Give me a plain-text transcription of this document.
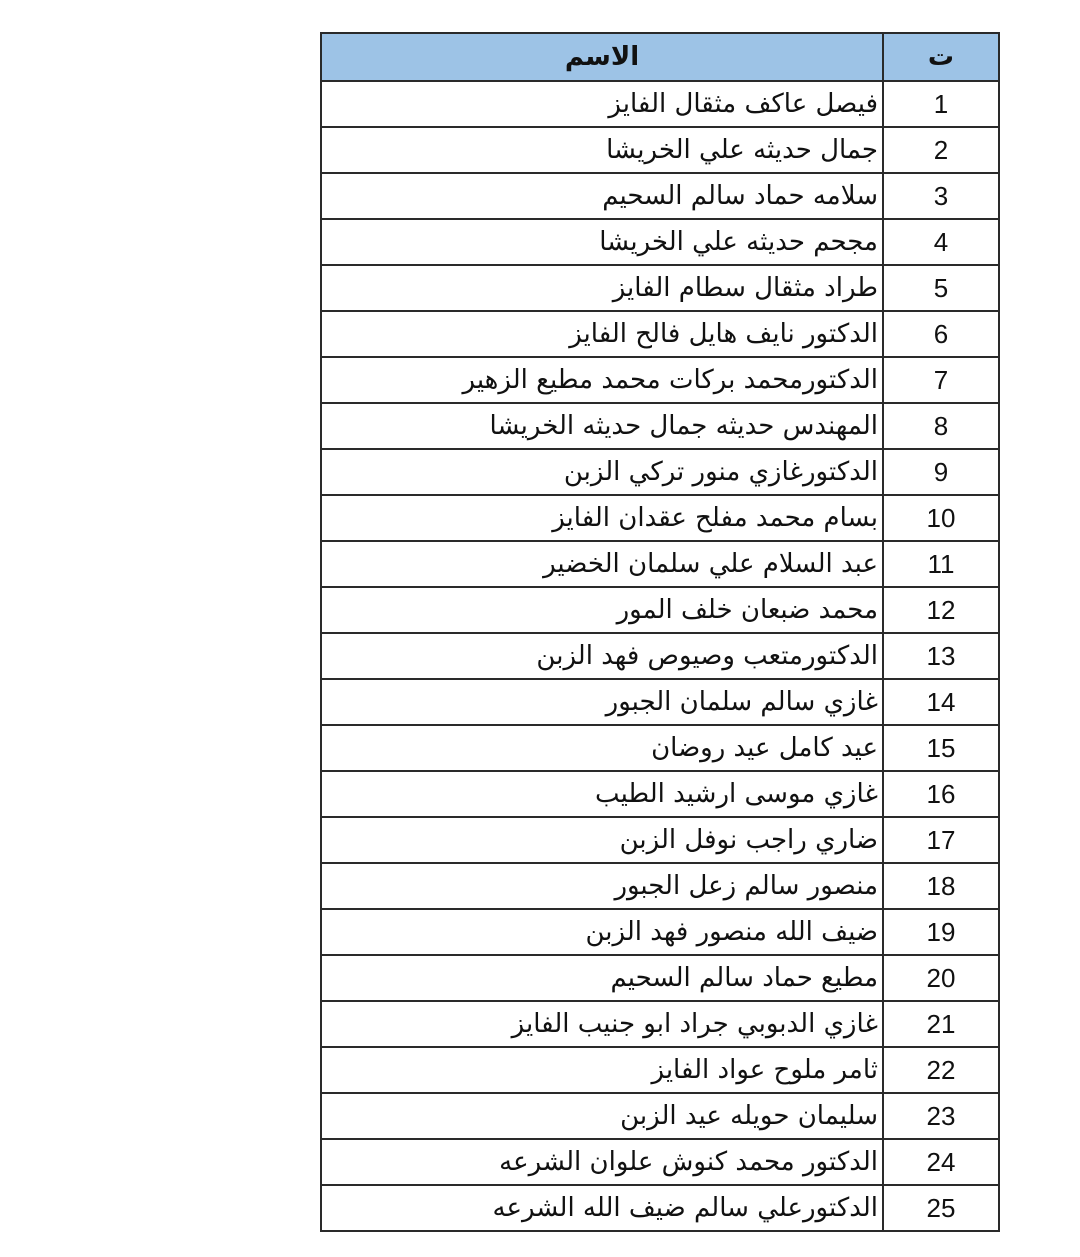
ت	الاسم
1	فيصل عاكف مثقال الفايز
2	جمال حديثه علي الخريشا
3	سلامه حماد سالم السحيم
4	مجحم حديثه علي الخريشا
5	طراد مثقال سطام الفايز
6	الدكتور نايف هايل فالح الفايز
7	الدكتورمحمد بركات محمد مطيع الزهير
8	المهندس حديثه جمال حديثه الخريشا
9	الدكتورغازي منور تركي الزبن
10	بسام محمد مفلح عقدان الفايز
11	عبد السلام علي سلمان الخضير
12	محمد ضبعان خلف المور
13	الدكتورمتعب وصيوص فهد الزبن
14	غازي سالم سلمان الجبور
15	عيد كامل عيد روضان
16	غازي موسى ارشيد الطيب
17	ضاري راجب نوفل الزبن
18	منصور سالم زعل الجبور
19	ضيف الله منصور فهد الزبن
20	مطيع حماد سالم السحيم
21	غازي الدبوبي جراد ابو جنيب الفايز
22	ثامر ملوح عواد الفايز
23	سليمان حويله عيد الزبن
24	الدكتور محمد كنوش علوان الشرعه
25	الدكتورعلي سالم ضيف الله الشرعه
